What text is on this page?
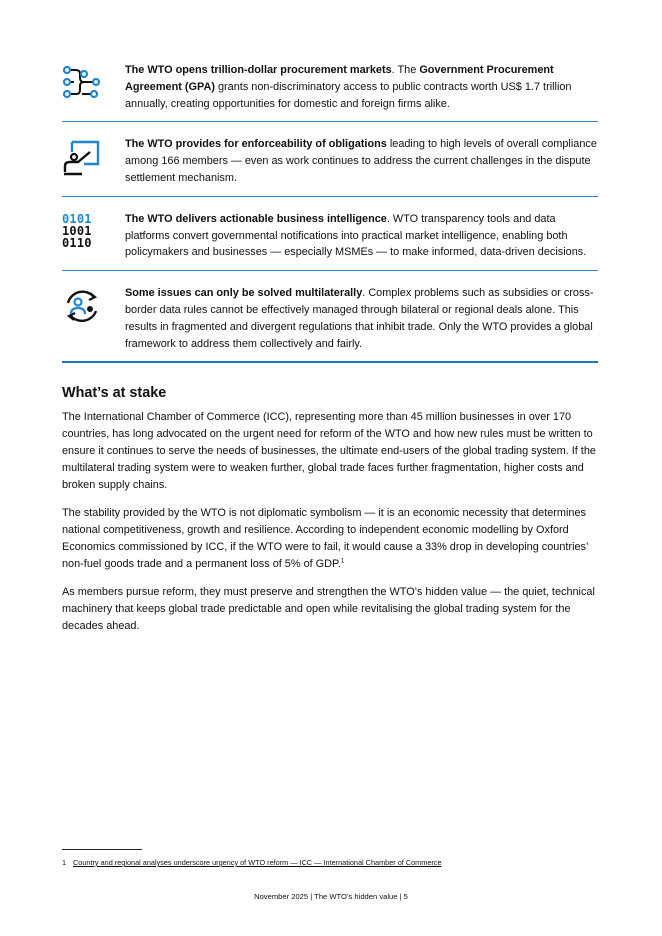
The WTO opens trillion-dollar procurement markets. The Government Procurement Agreement (GPA) grants non-discriminatory access to public contracts worth US$ 1.7 trillion annually, creating opportunities for domestic and foreign firms alike.

The WTO provides for enforceability of obligations leading to high levels of overall compliance among 166 members — even as work continues to address the current challenges in the dispute settlement mechanism.

0101
1001
0110

The WTO delivers actionable business intelligence. WTO transparency tools and data platforms convert governmental notifications into practical market intelligence, enabling both policymakers and businesses — especially MSMEs — to make informed, data-driven decisions.

Some issues can only be solved multilaterally. Complex problems such as subsidies or cross-border data rules cannot be effectively managed through bilateral or regional deals alone. This results in fragmented and divergent regulations that inhibit trade. Only the WTO provides a global framework to address them collectively and fairly.

What’s at stake

The International Chamber of Commerce (ICC), representing more than 45 million businesses in over 170 countries, has long advocated on the urgent need for reform of the WTO and how new rules must be written to ensure it continues to serve the needs of businesses, the ultimate end-users of the global trading system. If the multilateral trading system were to weaken further, global trade faces further fragmentation, higher costs and broken supply chains.

The stability provided by the WTO is not diplomatic symbolism — it is an economic necessity that determines national competitiveness, growth and resilience. According to independent economic modelling by Oxford Economics commissioned by ICC, if the WTO were to fail, it would cause a 33% drop in developing countries’ non-fuel goods trade and a permanent loss of 5% of GDP.$^1$

As members pursue reform, they must preserve and strengthen the WTO’s hidden value — the quiet, technical machinery that keeps global trade predictable and open while revitalising the global trading system for the decades ahead.

1 Country and regional analyses underscore urgency of WTO reform — ICC — International Chamber of Commerce
November 2025 | The WTO’s hidden value | 5
